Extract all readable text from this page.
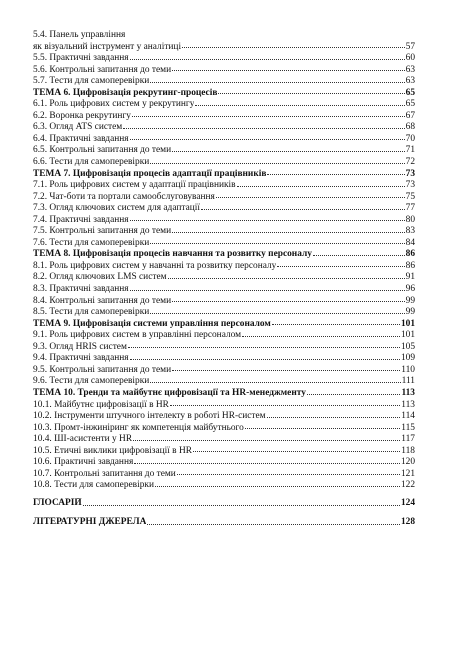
5.4. Панель управління
як візуальний інструмент у аналітиці	57
5.5. Практичні завдання	60
5.6. Контрольні запитання до теми	63
5.7. Тести для самоперевірки	63
ТЕМА 6. Цифровізація рекрутинг-процесів	65
6.1. Роль цифрових систем у рекрутингу	65
6.2. Воронка рекрутингу	67
6.3. Огляд ATS систем	68
6.4. Практичні завдання	70
6.5. Контрольні запитання до теми	71
6.6. Тести для самоперевірки	72
ТЕМА 7. Цифровізація процесів адаптації працівників	73
7.1. Роль цифрових систем у адаптації працівників	73
7.2. Чат-боти та портали самообслуговування	75
7.3. Огляд ключових систем для адаптації	77
7.4. Практичні завдання	80
7.5. Контрольні запитання до теми	83
7.6. Тести для самоперевірки	84
ТЕМА 8. Цифровізація процесів навчання та розвитку персоналу	86
8.1. Роль цифрових систем у навчанні та розвитку персоналу	86
8.2. Огляд ключових LMS систем	91
8.3. Практичні завдання	96
8.4. Контрольні запитання до теми	99
8.5. Тести для самоперевірки	99
ТЕМА 9. Цифровізація системи управління персоналом	101
9.1. Роль цифрових систем в управлінні персоналом	101
9.3. Огляд HRIS систем	105
9.4. Практичні завдання	109
9.5. Контрольні запитання до теми	110
9.6. Тести для самоперевірки	111
ТЕМА 10. Тренди та майбутнє цифровізації та HR-менеджменту	113
10.1. Майбутнє цифровізації в HR	113
10.2. Інструменти штучного інтелекту в роботі HR-систем	114
10.3. Промт-інжиніринг як компетенція майбутнього	115
10.4. ШІ-асистенти у HR	117
10.5. Етичні виклики цифровізації в HR	118
10.6. Практичні завдання	120
10.7. Контрольні запитання до теми	121
10.8. Тести для самоперевірки	122
ГЛОСАРІЙ	124
ЛІТЕРАТУРНІ ДЖЕРЕЛА	128
